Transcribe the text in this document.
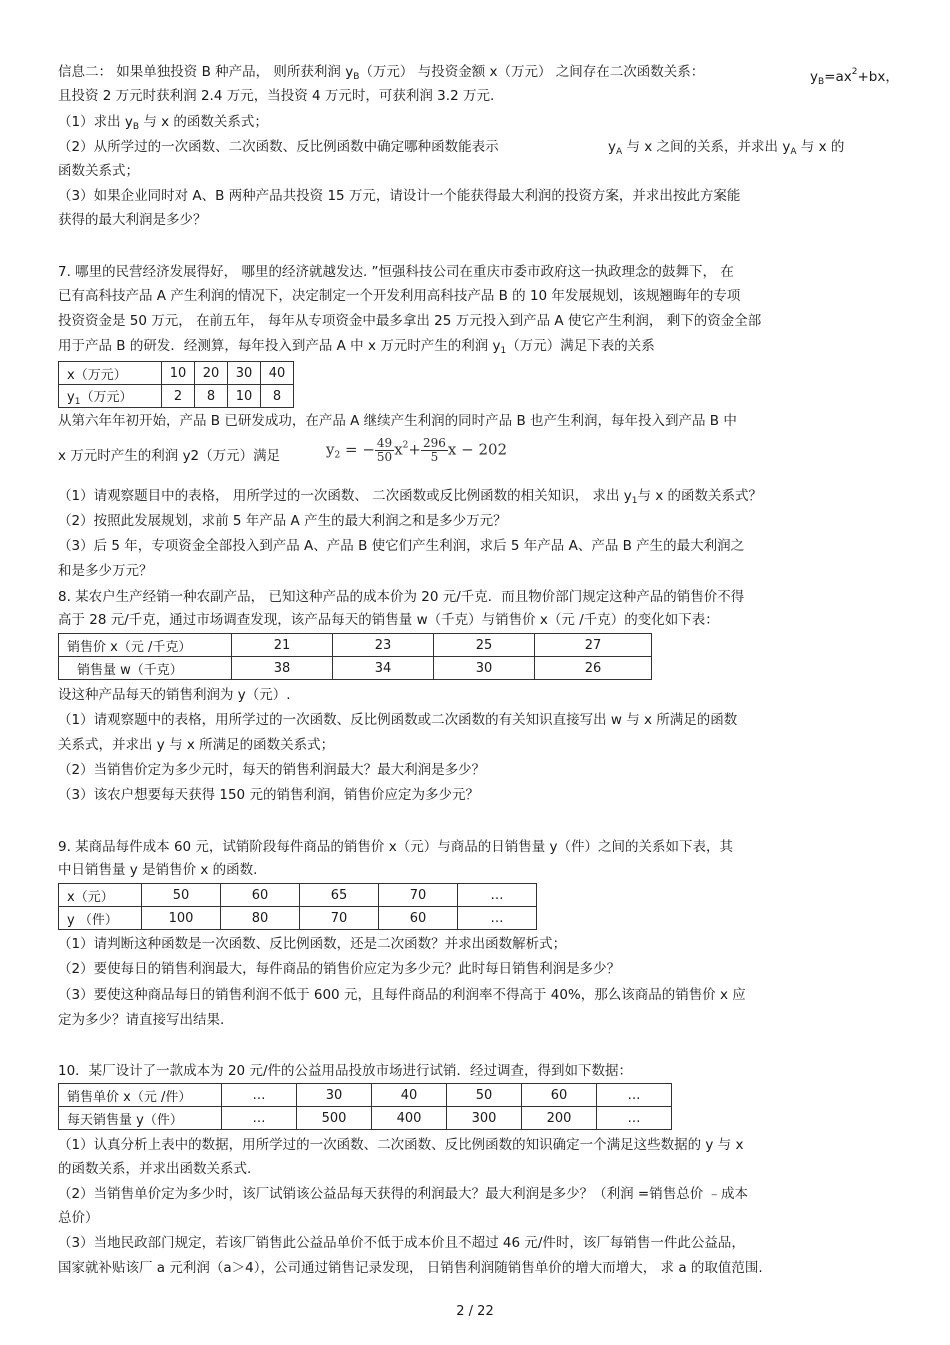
信息二： 如果单独投资 B 种产品， 则所获利润 $y_B$（万元） 与投资金额 x（万元） 之间存在二次函数关系：	$y_B=ax^2+bx$，
且投资 2 万元时获利润 2.4 万元，当投资 4 万元时，可获利润 3.2 万元.
（1）求出 $y_B$ 与 x 的函数关系式；
（2）从所学过的一次函数、二次函数、反比例函数中确定哪种函数能表示	$y_A$ 与 x 之间的关系，并求出 $y_A$ 与 x 的
函数关系式；
（3）如果企业同时对 A、B 两种产品共投资 15 万元，请设计一个能获得最大利润的投资方案，并求出按此方案能
获得的最大利润是多少？
7. 哪里的民营经济发展得好， 哪里的经济就越发达. ”恒强科技公司在重庆市委市政府这一执政理念的鼓舞下， 在
已有高科技产品 A 产生利润的情况下，决定制定一个开发利用高科技产品 B 的 10 年发展规划，该规翘晦年的专项
投资资金是 50 万元， 在前五年， 每年从专项资金中最多拿出 25 万元投入到产品 A 使它产生利润， 剩下的资金全部
用于产品 B 的研发．经测算，每年投入到产品 A 中 x 万元时产生的利润 $y_1$（万元）满足下表的关系
x（万元）	10	20	30	40
$y_1$（万元）	2	8	10	8
从第六年年初开始，产品 B 已研发成功，在产品 A 继续产生利润的同时产品 B 也产生利润，每年投入到产品 B 中
x 万元时产生的利润 y2（万元）满足	$y_2$ = − $\frac{49}{50} x^2+ \frac{296}{5}$ x − 202
（1）请观察题目中的表格， 用所学过的一次函数、 二次函数或反比例函数的相关知识， 求出 $y_1$与 x 的函数关系式？
（2）按照此发展规划，求前 5 年产品 A 产生的最大利润之和是多少万元？
（3）后 5 年，专项资金全部投入到产品 A、产品 B 使它们产生利润，求后 5 年产品 A、产品 B 产生的最大利润之
和是多少万元？
8. 某农户生产经销一种农副产品， 已知这种产品的成本价为 20 元/千克．而且物价部门规定这种产品的销售价不得
高于 28 元/千克，通过市场调查发现，该产品每天的销售量 w（千克）与销售价 x（元 /千克）的变化如下表：
销售价 x（元 /千克）	21	23	25	27
销售量 w（千克）	38	34	30	26
设这种产品每天的销售利润为 y（元）.
（1）请观察题中的表格，用所学过的一次函数、反比例函数或二次函数的有关知识直接写出 w 与 x 所满足的函数
关系式，并求出 y 与 x 所满足的函数关系式；
（2）当销售价定为多少元时，每天的销售利润最大？最大利润是多少？
（3）该农户想要每天获得 150 元的销售利润，销售价应定为多少元？
9. 某商品每件成本 60 元，试销阶段每件商品的销售价 x（元）与商品的日销售量 y（件）之间的关系如下表，其
中日销售量 y 是销售价 x 的函数.
x（元）	50	60	65	70	…
y （件）	100	80	70	60	…
（1）请判断这种函数是一次函数、反比例函数，还是二次函数？并求出函数解析式；
（2）要使每日的销售利润最大，每件商品的销售价应定为多少元？此时每日销售利润是多少？
（3）要使这种商品每日的销售利润不低于 600 元，且每件商品的利润率不得高于 40%，那么该商品的销售价 x 应
定为多少？请直接写出结果.
10．某厂设计了一款成本为 20 元/件的公益用品投放市场进行试销．经过调查，得到如下数据：
销售单价 x（元 /件）	…	30	40	50	60	…
每天销售量 y（件）	…	500	400	300	200	…
（1）认真分析上表中的数据，用所学过的一次函数、二次函数、反比例函数的知识确定一个满足这些数据的 y 与 x
的函数关系，并求出函数关系式.
（2）当销售单价定为多少时，该厂试销该公益品每天获得的利润最大？最大利润是多少？（利润 =销售总价 ﹣成本
总价）
（3）当地民政部门规定，若该厂销售此公益品单价不低于成本价且不超过 46 元/件时，该厂每销售一件此公益品，
国家就补贴该厂 a 元利润（a＞4），公司通过销售记录发现， 日销售利润随销售单价的增大而增大， 求 a 的取值范围.
2 / 22
